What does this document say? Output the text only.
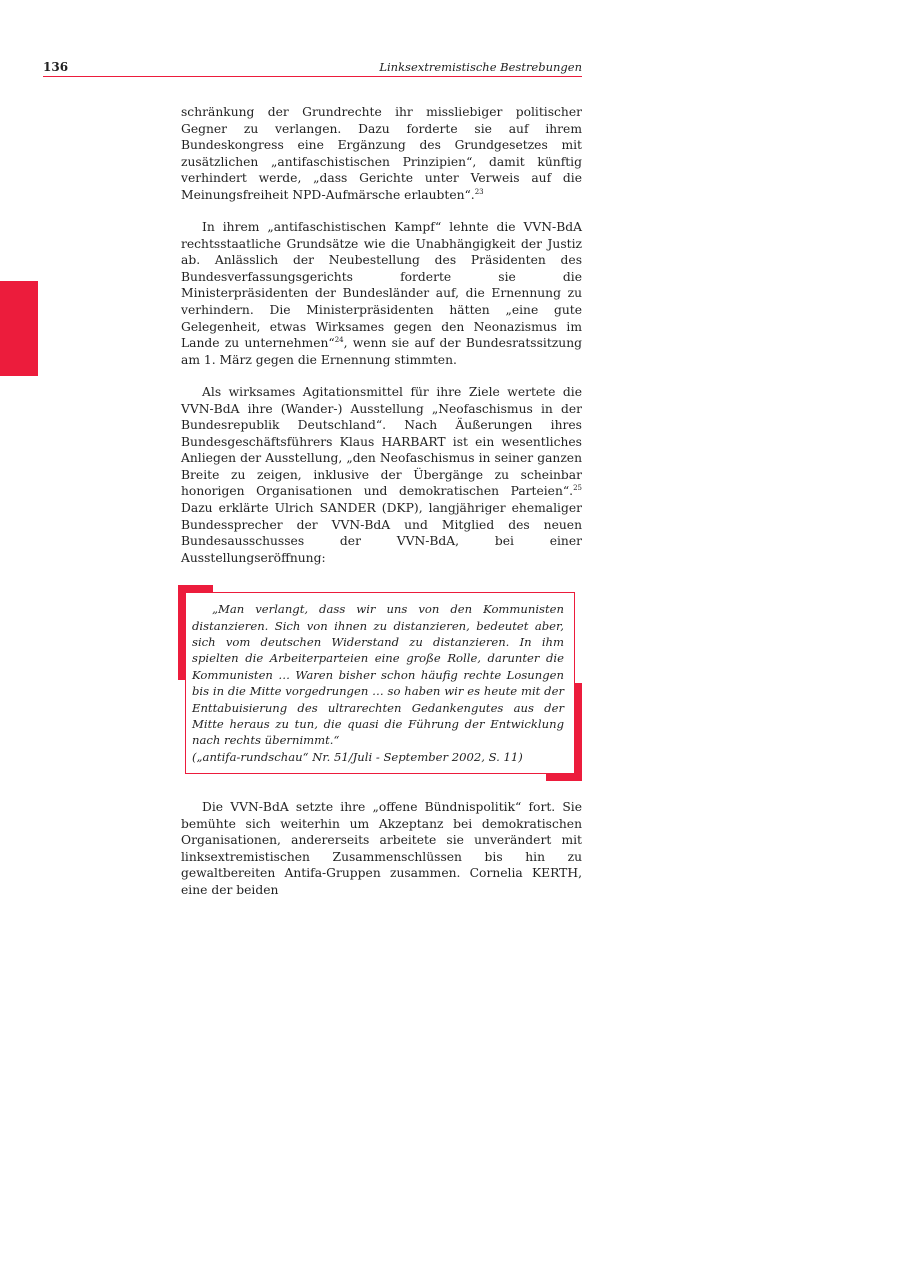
136	Linksextremistische Bestrebungen

schränkung der Grundrechte ihr missliebiger politischer Gegner zu verlangen. Dazu forderte sie auf ihrem Bundeskongress eine Ergänzung des Grundgesetzes mit zusätzlichen „antifaschistischen Prinzipien“, damit künftig verhindert werde, „dass Gerichte unter Verweis auf die Meinungsfreiheit NPD-Aufmärsche erlaubten“.$^{23}$

In ihrem „antifaschistischen Kampf“ lehnte die VVN-BdA rechtsstaatliche Grundsätze wie die Unabhängigkeit der Justiz ab. Anlässlich der Neubestellung des Präsidenten des Bundesverfassungsgerichts forderte sie die Ministerpräsidenten der Bundesländer auf, die Ernennung zu verhindern. Die Ministerpräsidenten hätten „eine gute Gelegenheit, etwas Wirksames gegen den Neonazismus im Lande zu unternehmen“$^{24}$, wenn sie auf der Bundesratssitzung am 1. März gegen die Ernennung stimmten.

Als wirksames Agitationsmittel für ihre Ziele wertete die VVN-BdA ihre (Wander-) Ausstellung „Neofaschismus in der Bundesrepublik Deutschland“. Nach Äußerungen ihres Bundesgeschäftsführers Klaus HARBART ist ein wesentliches Anliegen der Ausstellung, „den Neofaschismus in seiner ganzen Breite zu zeigen, inklusive der Übergänge zu scheinbar honorigen Organisationen und demokratischen Parteien“.$^{25}$ Dazu erklärte Ulrich SANDER (DKP), langjähriger ehemaliger Bundessprecher der VVN-BdA und Mitglied des neuen Bundesausschusses der VVN-BdA, bei einer Ausstellungseröffnung:

„Man verlangt, dass wir uns von den Kommunisten distanzieren. Sich von ihnen zu distanzieren, bedeutet aber, sich vom deutschen Widerstand zu distanzieren. In ihm spielten die Arbeiterparteien eine große Rolle, darunter die Kommunisten … Waren bisher schon häufig rechte Losungen bis in die Mitte vorgedrungen … so haben wir es heute mit der Enttabuisierung des ultrarechten Gedankengutes aus der Mitte heraus zu tun, die quasi die Führung der Entwicklung nach rechts übernimmt.“

(„antifa-rundschau“ Nr. 51/Juli - September 2002, S. 11)

Die VVN-BdA setzte ihre „offene Bündnispolitik“ fort. Sie bemühte sich weiterhin um Akzeptanz bei demokratischen Organisationen, andererseits arbeitete sie unverändert mit linksextremistischen Zusammenschlüssen bis hin zu gewaltbereiten Antifa-Gruppen zusammen. Cornelia KERTH, eine der beiden
